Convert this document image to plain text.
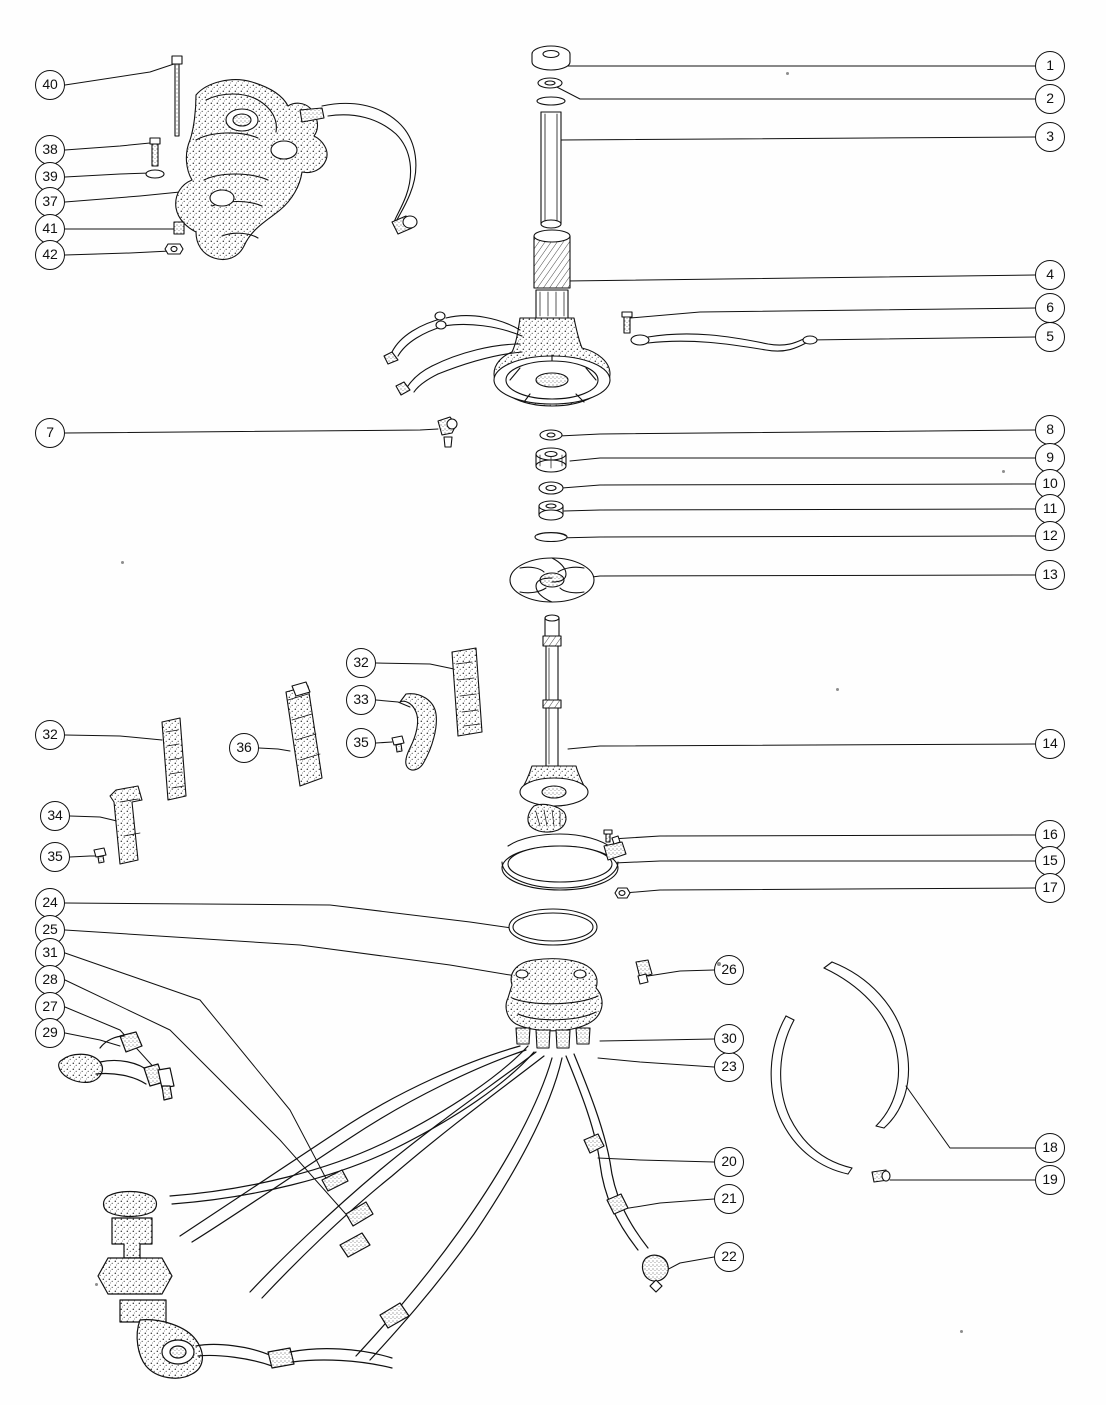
1
2
3
4
6
5
7	8
9
10
11
12
13
14
16
15
17
18
19
20
21
22
23
30
26
24
25
31
28
27
29
32
32
33
35
36
34
35
40
38
39
37
41
42
